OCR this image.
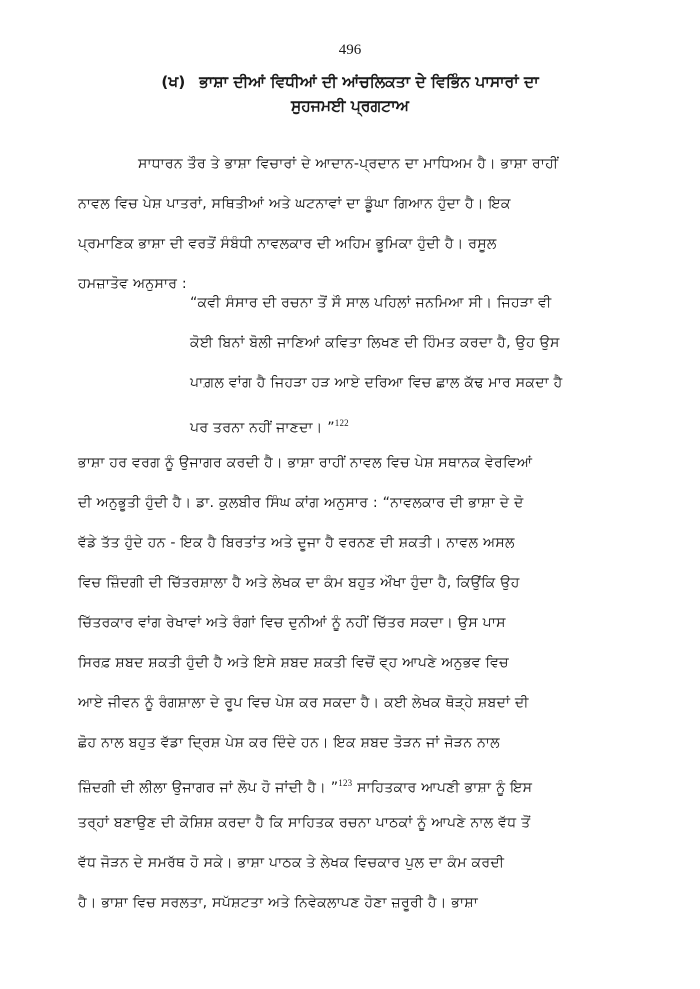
496
(ਖ) ਭਾਸ਼ਾ ਦੀਆਂ ਵਿਧੀਆਂ ਦੀ ਆਂਚਲਿਕਤਾ ਦੇ ਵਿਭਿੰਨ ਪਾਸਾਰਾਂ ਦਾ
ਸੁਹਜਮਈ ਪ੍ਰਗਟਾਅ
ਸਾਧਾਰਨ ਤੌਰ ਤੇ ਭਾਸ਼ਾ ਵਿਚਾਰਾਂ ਦੇ ਆਦਾਨ-ਪ੍ਰਦਾਨ ਦਾ ਮਾਧਿਅਮ ਹੈ। ਭਾਸ਼ਾ ਰਾਹੀਂ
ਨਾਵਲ ਵਿਚ ਪੇਸ਼ ਪਾਤਰਾਂ, ਸਥਿਤੀਆਂ ਅਤੇ ਘਟਨਾਵਾਂ ਦਾ ਡੂੰਘਾ ਗਿਆਨ ਹੁੰਦਾ ਹੈ। ਇਕ
ਪ੍ਰਮਾਣਿਕ ਭਾਸ਼ਾ ਦੀ ਵਰਤੋਂ ਸੰਬੰਧੀ ਨਾਵਲਕਾਰ ਦੀ ਅਹਿਮ ਭੂਮਿਕਾ ਹੁੰਦੀ ਹੈ। ਰਸੂਲ
ਹਮਜ਼ਾਤੋਵ ਅਨੁਸਾਰ :
“ਕਵੀ ਸੰਸਾਰ ਦੀ ਰਚਨਾ ਤੋਂ ਸੌ ਸਾਲ ਪਹਿਲਾਂ ਜਨਮਿਆ ਸੀ। ਜਿਹੜਾ ਵੀ
ਕੋਈ ਬਿਨਾਂ ਬੋਲੀ ਜਾਣਿਆਂ ਕਵਿਤਾ ਲਿਖਣ ਦੀ ਹਿੰਮਤ ਕਰਦਾ ਹੈ, ਉਹ ਉਸ
ਪਾਗ਼ਲ ਵਾਂਗ ਹੈ ਜਿਹੜਾ ਹੜ ਆਏ ਦਰਿਆ ਵਿਚ ਛਾਲ ਕੱਢ ਮਾਰ ਸਕਦਾ ਹੈ
ਪਰ ਤਰਨਾ ਨਹੀਂ ਜਾਣਦਾ। ”$^{122}$
ਭਾਸ਼ਾ ਹਰ ਵਰਗ ਨੂੰ ਉਜਾਗਰ ਕਰਦੀ ਹੈ। ਭਾਸ਼ਾ ਰਾਹੀਂ ਨਾਵਲ ਵਿਚ ਪੇਸ਼ ਸਥਾਨਕ ਵੇਰਵਿਆਂ
ਦੀ ਅਨੁਭੂਤੀ ਹੁੰਦੀ ਹੈ। ਡਾ. ਕੁਲਬੀਰ ਸਿੰਘ ਕਾਂਗ ਅਨੁਸਾਰ : “ਨਾਵਲਕਾਰ ਦੀ ਭਾਸ਼ਾ ਦੇ ਦੋ
ਵੱਡੇ ਤੱਤ ਹੁੰਦੇ ਹਨ - ਇਕ ਹੈ ਬਿਰਤਾਂਤ ਅਤੇ ਦੂਜਾ ਹੈ ਵਰਨਣ ਦੀ ਸ਼ਕਤੀ। ਨਾਵਲ ਅਸਲ
ਵਿਚ ਜ਼ਿੰਦਗੀ ਦੀ ਚਿੱਤਰਸ਼ਾਲਾ ਹੈ ਅਤੇ ਲੇਖਕ ਦਾ ਕੰਮ ਬਹੁਤ ਔਖਾ ਹੁੰਦਾ ਹੈ, ਕਿਉਂਕਿ ਉਹ
ਚਿੱਤਰਕਾਰ ਵਾਂਗ ਰੇਖਾਵਾਂ ਅਤੇ ਰੰਗਾਂ ਵਿਚ ਦੁਨੀਆਂ ਨੂੰ ਨਹੀਂ ਚਿੱਤਰ ਸਕਦਾ। ਉਸ ਪਾਸ
ਸਿਰਫ਼ ਸ਼ਬਦ ਸ਼ਕਤੀ ਹੁੰਦੀ ਹੈ ਅਤੇ ਇਸੇ ਸ਼ਬਦ ਸ਼ਕਤੀ ਵਿਚੋਂ ਵ੍ਹ ਆਪਣੇ ਅਨੁਭਵ ਵਿਚ
ਆਏ ਜੀਵਨ ਨੂੰ ਰੰਗਸ਼ਾਲਾ ਦੇ ਰੂਪ ਵਿਚ ਪੇਸ਼ ਕਰ ਸਕਦਾ ਹੈ। ਕਈ ਲੇਖਕ ਥੋੜ੍ਹੇ ਸ਼ਬਦਾਂ ਦੀ
ਛੋਹ ਨਾਲ ਬਹੁਤ ਵੱਡਾ ਦ੍ਰਿਸ਼ ਪੇਸ਼ ਕਰ ਦਿੰਦੇ ਹਨ। ਇਕ ਸ਼ਬਦ ਤੋੜਨ ਜਾਂ ਜੋੜਨ ਨਾਲ
ਜ਼ਿੰਦਗੀ ਦੀ ਲੀਲਾ ਉਜਾਗਰ ਜਾਂ ਲੋਪ ਹੋ ਜਾਂਦੀ ਹੈ। ”$^{123}$ ਸਾਹਿਤਕਾਰ ਆਪਣੀ ਭਾਸ਼ਾ ਨੂੰ ਇਸ
ਤਰ੍ਹਾਂ ਬਣਾਉਣ ਦੀ ਕੋਸ਼ਿਸ਼ ਕਰਦਾ ਹੈ ਕਿ ਸਾਹਿਤਕ ਰਚਨਾ ਪਾਠਕਾਂ ਨੂੰ ਆਪਣੇ ਨਾਲ ਵੱਧ ਤੋਂ
ਵੱਧ ਜੋੜਨ ਦੇ ਸਮਰੱਥ ਹੋ ਸਕੇ। ਭਾਸ਼ਾ ਪਾਠਕ ਤੇ ਲੇਖਕ ਵਿਚਕਾਰ ਪੁਲ ਦਾ ਕੰਮ ਕਰਦੀ
ਹੈ। ਭਾਸ਼ਾ ਵਿਚ ਸਰਲਤਾ, ਸਪੱਸ਼ਟਤਾ ਅਤੇ ਨਿਵੇਕਲਾਪਣ ਹੋਣਾ ਜ਼ਰੂਰੀ ਹੈ। ਭਾਸ਼ਾ
